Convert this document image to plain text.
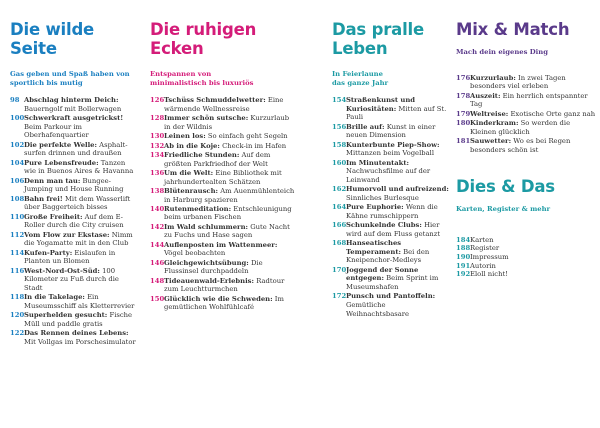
Die wilde
Seite
Gas geben und Spaß haben von
sportlich bis mutig
98 Abschlag hinterm Deich: Bauerngolf mit Bollerwagen
100 Schwerkraft ausgetrickst! Beim Parkour im Oberhafenquartier
102 Die perfekte Welle: Asphalt-surfen drinnen und draußen
104 Pure Lebensfreude: Tanzen wie in Buenos Aires & Havanna
106 Denn man tau: Bungee-Jumping und House Running
108 Bahn frei! Mit dem Wasserlift über Baggerteich bisses
110 Große Freiheit: Auf dem E-Roller durch die City cruisen
112 Vom Flow zur Ekstase: Nimm die Yogamatte mit in den Club
114 Kufen-Party: Eislaufen in Planten un Blomen
116 West-Nord-Ost-Süd: 100 Kilometer zu Fuß durch die Stadt
118 In die Takelage: Ein Museumsschiff als Kletterrevier
120 Superhelden gesucht: Fische Müll und paddle gratis
122 Das Rennen deines Lebens: Mit Vollgas im Porschesimulator
Die ruhigen
Ecken
Entspannen von
minimalistisch bis luxuriös
126 Tschüss Schmuddelwetter: Eine wärmende Wellnessreise
128 Immer schön sutsche: Kurzurlaub in der Wildnis
130 Leinen los: So einfach geht Segeln
132 Ab in die Koje: Check-in im Hafen
134 Friedliche Stunden: Auf dem größten Parkfriedhof der Welt
136 Um die Welt: Eine Bibliothek mit jahrhundertealten Schätzen
138 Blütenrausch: Am Auenmühlenteich in Harburg spazieren
140 Rutenmeditation: Entschleunigung beim urbanen Fischen
142 Im Wald schlummern: Gute Nacht zu Fuchs und Hase sagen
144 Auflenposten im Wattenmeer: Vögel beobachten
146 Gleichgewichtsübung: Die Flussinsel durchpaddeln
148 Tideauenwald-Erlebnis: Radtour zum Leuchtturmchen
150 Glücklich wie die Schweden: Im gemütlichen Wohlfühlcafé
Das pralle
Leben
In Feierlaune
das ganze Jahr
154 Straßenkunst und Kuriositäten: Mitten auf St. Pauli
156 Brille auf: Kunst in einer neuen Dimension
158 Kunterbunte Piep-Show: Mittanzen beim Vogelball
160 Im Minutentakt: Nachwuchsfilme auf der Leinwand
162 Humorvoll und aufreizend: Sinnliches Burlesque
164 Pure Euphorie: Wenn die Kähne rumschippern
166 Schunkelnde Clubs: Hier wird auf dem Fluss getanzt
168 Hanseatisches Temperament: Bei den Kneipenchor-Medleys
170 Joggend der Sonne entgegen: Beim Sprint im Museumshafen
172 Punsch und Pantoffeln: Gemütliche Weihnachtsbasare
Mix & Match
Mach dein eigenes Ding
176 Kurzurlaub: In zwei Tagen besonders viel erleben
178 Auszeit: Ein herrlich entspannter Tag
179 Weltreise: Exotische Orte ganz nah
180 Kinderkram: So werden die Kleinen glücklich
181 Sauwetter: Wo es bei Regen besonders schön ist
Dies & Das
Karten, Register & mehr
184 Karten
188 Register
190 Impressum
191 Autorin
192 Eloll nicht!
